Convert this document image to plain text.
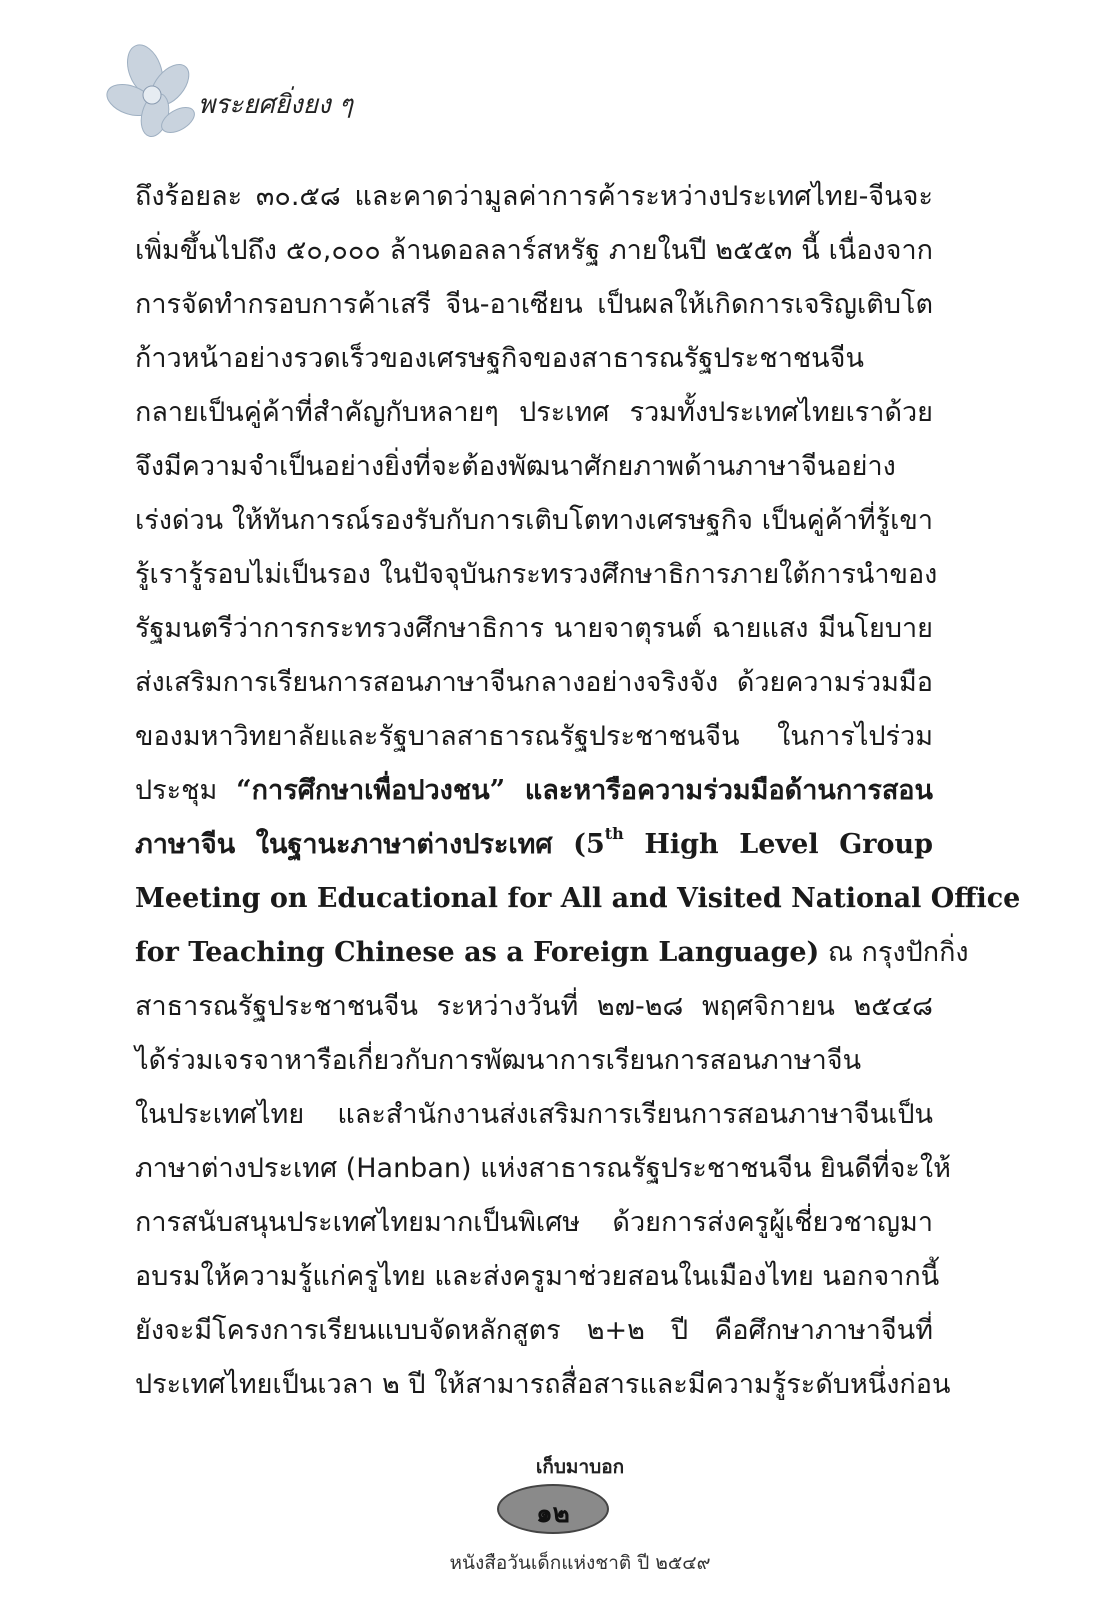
พระยศยิ่งยง ๆ
ถึงร้อยละ ๓๐.๕๘ และคาดว่ามูลค่าการค้าระหว่างประเทศไทย-จีนจะ
เพิ่มขึ้นไปถึง ๕๐,๐๐๐ ล้านดอลลาร์สหรัฐ ภายในปี ๒๕๕๓ นี้ เนื่องจาก
การจัดทำกรอบการค้าเสรี จีน-อาเซียน เป็นผลให้เกิดการเจริญเติบโต
ก้าวหน้าอย่างรวดเร็วของเศรษฐกิจของสาธารณรัฐประชาชนจีน
กลายเป็นคู่ค้าที่สำคัญกับหลายๆ ประเทศ รวมทั้งประเทศไทยเราด้วย
จึงมีความจำเป็นอย่างยิ่งที่จะต้องพัฒนาศักยภาพด้านภาษาจีนอย่าง
เร่งด่วน ให้ทันการณ์รองรับกับการเติบโตทางเศรษฐกิจ เป็นคู่ค้าที่รู้เขา
รู้เรารู้รอบไม่เป็นรอง ในปัจจุบันกระทรวงศึกษาธิการภายใต้การนำของ
รัฐมนตรีว่าการกระทรวงศึกษาธิการ นายจาตุรนต์ ฉายแสง มีนโยบาย
ส่งเสริมการเรียนการสอนภาษาจีนกลางอย่างจริงจัง ด้วยความร่วมมือ
ของมหาวิทยาลัยและรัฐบาลสาธารณรัฐประชาชนจีน ในการไปร่วม
ประชุม “การศึกษาเพื่อปวงชน” และหารือความร่วมมือด้านการสอน
ภาษาจีน ในฐานะภาษาต่างประเทศ (5th High Level Group
Meeting on Educational for All and Visited National Office
for Teaching Chinese as a Foreign Language) ณ กรุงปักกิ่ง
สาธารณรัฐประชาชนจีน ระหว่างวันที่ ๒๗-๒๘ พฤศจิกายน ๒๕๔๘
ได้ร่วมเจรจาหารือเกี่ยวกับการพัฒนาการเรียนการสอนภาษาจีน
ในประเทศไทย และสำนักงานส่งเสริมการเรียนการสอนภาษาจีนเป็น
ภาษาต่างประเทศ (Hanban) แห่งสาธารณรัฐประชาชนจีน ยินดีที่จะให้
การสนับสนุนประเทศไทยมากเป็นพิเศษ ด้วยการส่งครูผู้เชี่ยวชาญมา
อบรมให้ความรู้แก่ครูไทย และส่งครูมาช่วยสอนในเมืองไทย นอกจากนี้
ยังจะมีโครงการเรียนแบบจัดหลักสูตร ๒+๒ ปี คือศึกษาภาษาจีนที่
ประเทศไทยเป็นเวลา ๒ ปี ให้สามารถสื่อสารและมีความรู้ระดับหนึ่งก่อน
เก็บมาบอก
๑๒
หนังสือวันเด็กแห่งชาติ ปี ๒๕๔๙
